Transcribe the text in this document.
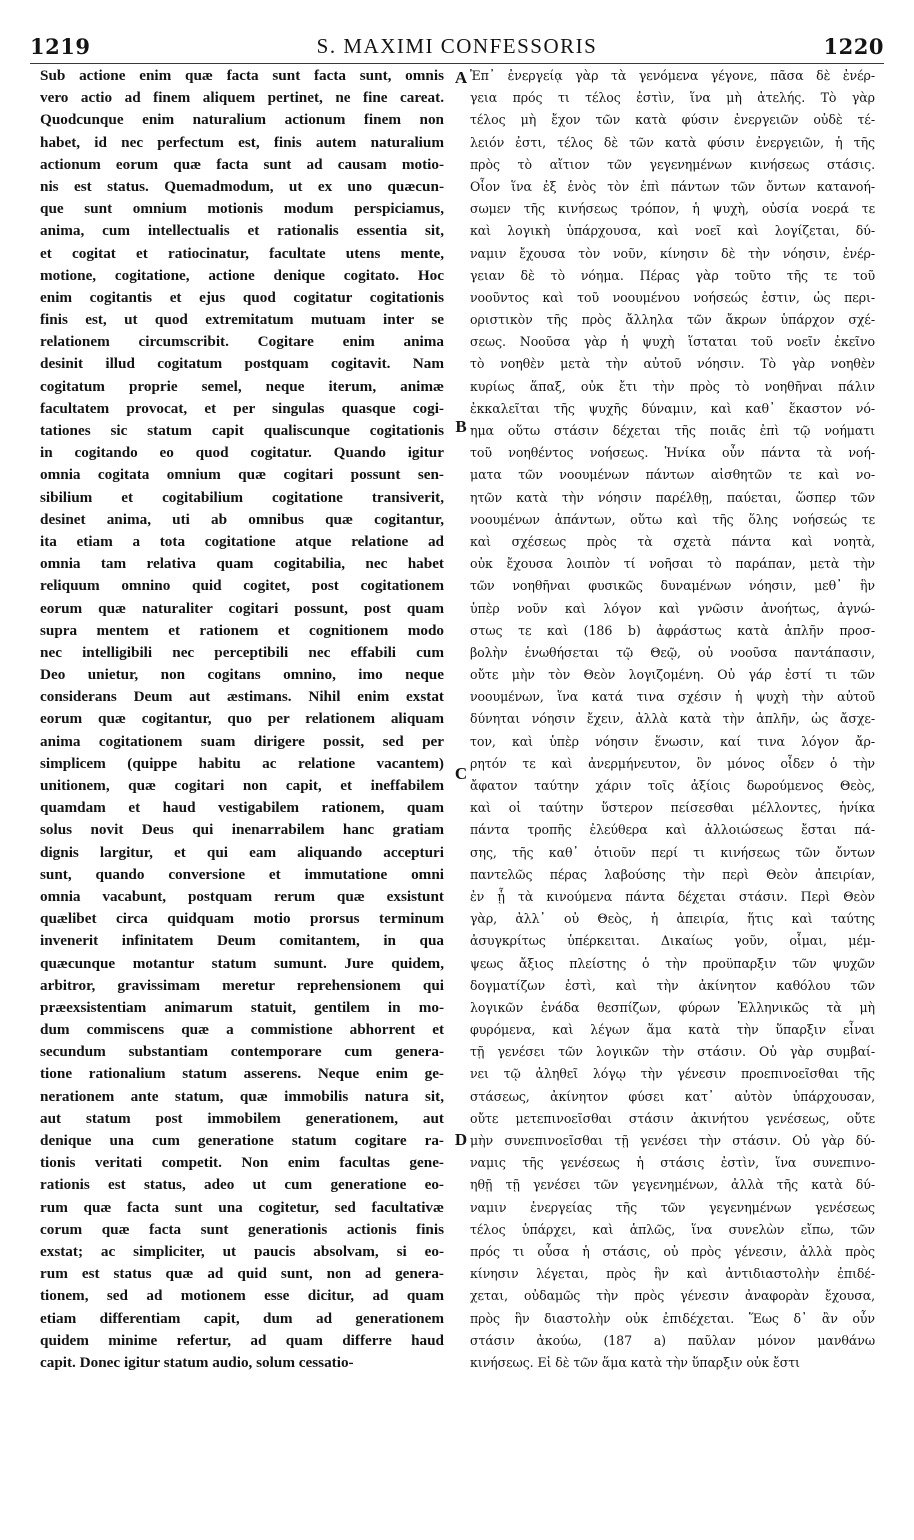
1219	S. MAXIMI CONFESSORIS	1220
Sub actione enim quæ facta sunt facta sunt, omnis
vero actio ad finem aliquem pertinet, ne fine careat.
Quodcunque enim naturalium actionum finem non
habet, id nec perfectum est, finis autem naturalium
actionum eorum quæ facta sunt ad causam motio-
nis est status. Quemadmodum, ut ex uno quæcun-
que sunt omnium motionis modum perspiciamus,
anima, cum intellectualis et rationalis essentia sit,
et cogitat et ratiocinatur, facultate utens mente,
motione, cogitatione, actione denique cogitato. Hoc
enim cogitantis et ejus quod cogitatur cogitationis
finis est, ut quod extremitatum mutuam inter se
relationem circumscribit. Cogitare enim anima
desinit illud cogitatum postquam cogitavit. Nam
cogitatum proprie semel, neque iterum, animæ
facultatem provocat, et per singulas quasque cogi-
tationes sic statum capit qualiscunque cogitationis
in cogitando eo quod cogitatur. Quando igitur
omnia cogitata omnium quæ cogitari possunt sen-
sibilium et cogitabilium cogitatione transiverit,
desinet anima, uti ab omnibus quæ cogitantur,
ita etiam a tota cogitatione atque relatione ad
omnia tam relativa quam cogitabilia, nec habet
reliquum omnino quid cogitet, post cogitationem
eorum quæ naturaliter cogitari possunt, post quam
supra mentem et rationem et cognitionem modo
nec intelligibili nec perceptibili nec effabili cum
Deo unietur, non cogitans omnino, imo neque
considerans Deum aut æstimans. Nihil enim exstat
eorum quæ cogitantur, quo per relationem aliquam
anima cogitationem suam dirigere possit, sed per
simplicem (quippe habitu ac relatione vacantem)
unitionem, quæ cogitari non capit, et ineffabilem
quamdam et haud vestigabilem rationem, quam
solus novit Deus qui inenarrabilem hanc gratiam
dignis largitur, et qui eam aliquando accepturi
sunt, quando conversione et immutatione omni
omnia vacabunt, postquam rerum quæ exsistunt
quælibet circa quidquam motio prorsus terminum
invenerit infinitatem Deum comitantem, in qua
quæcunque motantur statum sumunt. Jure quidem,
arbitror, gravissimam meretur reprehensionem qui
præexsistentiam animarum statuit, gentilem in mo-
dum commiscens quæ a commistione abhorrent et
secundum substantiam contemporare cum genera-
tione rationalium statum asserens. Neque enim ge-
nerationem ante statum, quæ immobilis natura sit,
aut statum post immobilem generationem, aut
denique una cum generatione statum cogitare ra-
tionis veritati competit. Non enim facultas gene-
rationis est status, adeo ut cum generatione eo-
rum quæ facta sunt una cogitetur, sed facultativæ
corum quæ facta sunt generationis actionis finis
exstat; ac simpliciter, ut paucis absolvam, si eo-
rum est status quæ ad quid sunt, non ad genera-
tionem, sed ad motionem esse dicitur, ad quam
etiam differentiam capit, dum ad generationem
quidem minime refertur, ad quam differre haud
capit. Donec igitur statum audio, solum cessatio-
Ἐπ᾿ ἐνεργείᾳ γὰρ τὰ γενόμενα γέγονε, πᾶσα δὲ ἐνέρ-
γεια πρός τι τέλος ἐστὶν, ἵνα μὴ ἀτελής. Τὸ γὰρ
τέλος μὴ ἔχον τῶν κατὰ φύσιν ἐνεργειῶν οὐδὲ τέ-
λειόν ἐστι, τέλος δὲ τῶν κατὰ φύσιν ἐνεργειῶν, ἡ τῆς
πρὸς τὸ αἴτιον τῶν γεγενημένων κινήσεως στάσις.
Οἷον ἵνα ἐξ ἑνὸς τὸν ἐπὶ πάντων τῶν ὄντων κατανοή-
σωμεν τῆς κινήσεως τρόπον, ἡ ψυχὴ, οὐσία νοερά τε
καὶ λογικὴ ὑπάρχουσα, καὶ νοεῖ καὶ λογίζεται, δύ-
ναμιν ἔχουσα τὸν νοῦν, κίνησιν δὲ τὴν νόησιν, ἐνέρ-
γειαν δὲ τὸ νόημα. Πέρας γὰρ τοῦτο τῆς τε τοῦ
νοοῦντος καὶ τοῦ νοουμένου νοήσεώς ἐστιν, ὡς περι-
οριστικὸν τῆς πρὸς ἄλληλα τῶν ἄκρων ὑπάρχον σχέ-
σεως. Νοοῦσα γὰρ ἡ ψυχὴ ἵσταται τοῦ νοεῖν ἐκεῖνο
τὸ νοηθὲν μετὰ τὴν αὐτοῦ νόησιν. Τὸ γὰρ νοηθὲν
κυρίως ἅπαξ, οὐκ ἔτι τὴν πρὸς τὸ νοηθῆναι πάλιν
ἐκκαλεῖται τῆς ψυχῆς δύναμιν, καὶ καθ᾿ ἕκαστον νό-
ημα οὕτω στάσιν δέχεται τῆς ποιᾶς ἐπὶ τῷ νοήματι
τοῦ νοηθέντος νοήσεως. Ἡνίκα οὖν πάντα τὰ νοή-
ματα τῶν νοουμένων πάντων αἰσθητῶν τε καὶ νο-
ητῶν κατὰ τὴν νόησιν παρέλθῃ, παύεται, ὥσπερ τῶν
νοουμένων ἁπάντων, οὕτω καὶ τῆς ὅλης νοήσεώς τε
καὶ σχέσεως πρὸς τὰ σχετὰ πάντα καὶ νοητὰ,
οὐκ ἔχουσα λοιπὸν τί νοῆσαι τὸ παράπαν, μετὰ τὴν
τῶν νοηθῆναι φυσικῶς δυναμένων νόησιν, μεθ᾿ ἣν
ὑπὲρ νοῦν καὶ λόγον καὶ γνῶσιν ἀνοήτως, ἀγνώ-
στως τε καὶ (186 b) ἀφράστως κατὰ ἁπλῆν προσ-
βολὴν ἑνωθήσεται τῷ Θεῷ, οὐ νοοῦσα παντάπασιν,
οὔτε μὴν τὸν Θεὸν λογιζομένη. Οὐ γάρ ἐστί τι τῶν
νοουμένων, ἵνα κατά τινα σχέσιν ἡ ψυχὴ τὴν αὐτοῦ
δύνηται νόησιν ἔχειν, ἀλλὰ κατὰ τὴν ἁπλῆν, ὡς ἄσχε-
τον, καὶ ὑπὲρ νόησιν ἕνωσιν, καί τινα λόγον ἄρ-
ρητόν τε καὶ ἀνερμήνευτον, ὃν μόνος οἶδεν ὁ τὴν
ἄφατον ταύτην χάριν τοῖς ἀξίοις δωρούμενος Θεὸς,
καὶ οἱ ταύτην ὕστερον πείσεσθαι μέλλοντες, ἡνίκα
πάντα τροπῆς ἐλεύθερα καὶ ἀλλοιώσεως ἔσται πά-
σης, τῆς καθ᾿ ὁτιοῦν περί τι κινήσεως τῶν ὄντων
παντελῶς πέρας λαβούσης τὴν περὶ Θεὸν ἀπειρίαν,
ἐν ᾗ τὰ κινούμενα πάντα δέχεται στάσιν. Περὶ Θεὸν
γὰρ, ἀλλ᾿ οὐ Θεὸς, ἡ ἀπειρία, ἥτις καὶ ταύτης
ἀσυγκρίτως ὑπέρκειται. Δικαίως γοῦν, οἶμαι, μέμ-
ψεως ἄξιος πλείστης ὁ τὴν προϋπαρξιν τῶν ψυχῶν
δογματίζων ἐστὶ, καὶ τὴν ἀκίνητον καθόλου τῶν
λογικῶν ἑνάδα θεσπίζων, φύρων Ἑλληνικῶς τὰ μὴ
φυρόμενα, καὶ λέγων ἅμα κατὰ τὴν ὕπαρξιν εἶναι
τῇ γενέσει τῶν λογικῶν τὴν στάσιν. Οὐ γὰρ συμβαί-
νει τῷ ἀληθεῖ λόγῳ τὴν γένεσιν προεπινοεῖσθαι τῆς
στάσεως, ἀκίνητον φύσει κατ᾿ αὐτὸν ὑπάρχουσαν,
οὔτε μετεπινοεῖσθαι στάσιν ἀκινήτου γενέσεως, οὔτε
μὴν συνεπινοεῖσθαι τῇ γενέσει τὴν στάσιν. Οὐ γὰρ δύ-
ναμις τῆς γενέσεως ἡ στάσις ἐστὶν, ἵνα συνεπινο-
ηθῇ τῇ γενέσει τῶν γεγενημένων, ἀλλὰ τῆς κατὰ δύ-
ναμιν ἐνεργείας τῆς τῶν γεγενημένων γενέσεως
τέλος ὑπάρχει, καὶ ἁπλῶς, ἵνα συνελὼν εἴπω, τῶν
πρός τι οὖσα ἡ στάσις, οὐ πρὸς γένεσιν, ἀλλὰ πρὸς
κίνησιν λέγεται, πρὸς ἣν καὶ ἀντιδιαστολὴν ἐπιδέ-
χεται, οὐδαμῶς τὴν πρὸς γένεσιν ἀναφορὰν ἔχουσα,
πρὸς ἣν διαστολὴν οὐκ ἐπιδέχεται. Ἕως δ᾿ ἂν οὖν
στάσιν ἀκούω, (187 a) παῦλαν μόνον μανθάνω
κινήσεως. Εἰ δὲ τῶν ἅμα κατὰ τὴν ὕπαρξιν οὐκ ἔστι
A
B
C
D
